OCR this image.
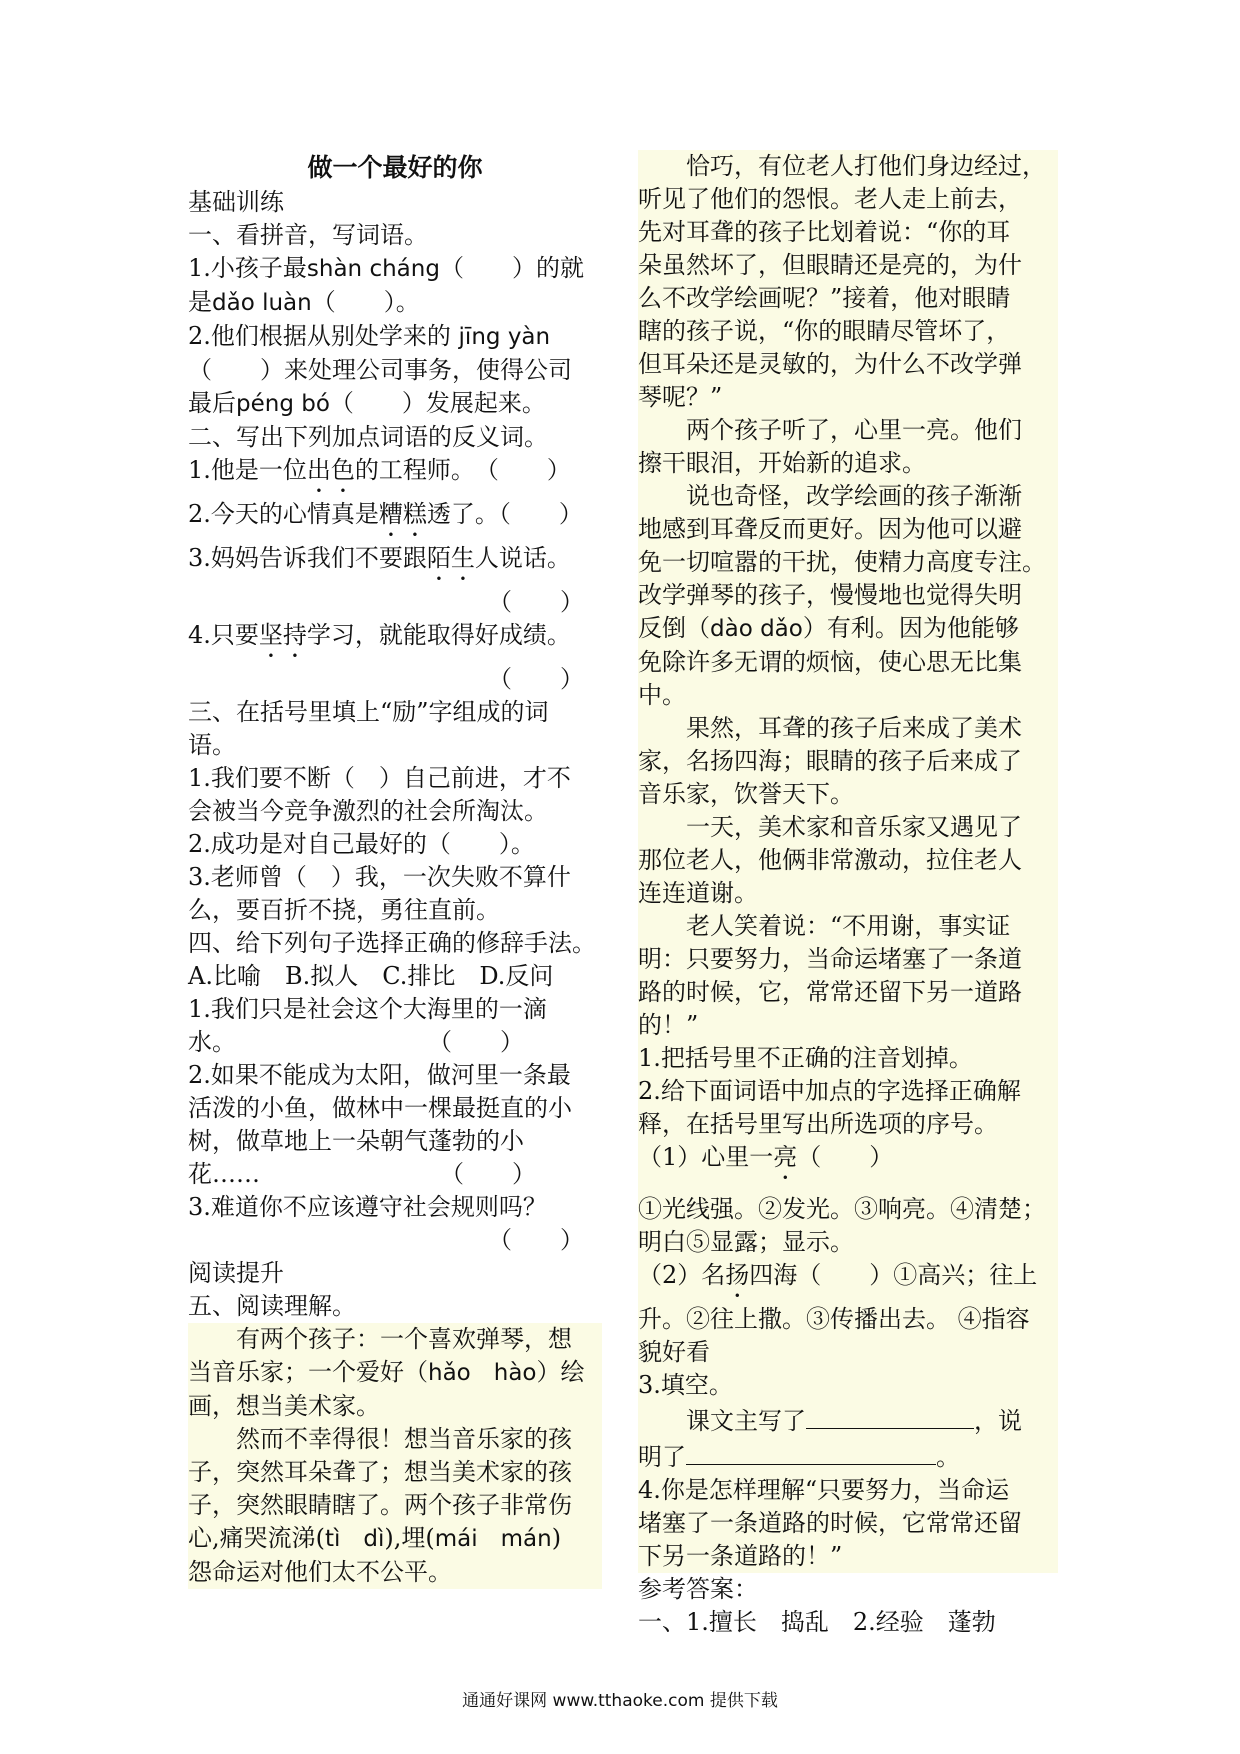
做一个最好的你
基础训练
一、看拼音，写词语。
1.小孩子最shàn cháng（　　）的就
是dǎo luàn（　　）。
2.他们根据从别处学来的 jīng yàn
（　　）来处理公司事务，使得公司
最后péng bó（　　）发展起来。
二、写出下列加点词语的反义词。
1.他是一位出色的工程师。　（　　）
2.今天的心情真是糟糕透了。（　　）
3.妈妈告诉我们不要跟陌生人说话。
（　　）
4.只要坚持学习，就能取得好成绩。
（　　）
三、在括号里填上“励”字组成的词
语。
1.我们要不断（　）自己前进，才不
会被当今竞争激烈的社会所淘汰。
2.成功是对自己最好的（　　）。
3.老师曾（　）我，一次失败不算什
么，要百折不挠，勇往直前。
四、给下列句子选择正确的修辞手法。
A.比喻　B.拟人　C.排比　D.反问
1.我们只是社会这个大海里的一滴
水。　　　　　　　　　（　　）
2.如果不能成为太阳，做河里一条最
活泼的小鱼，做林中一棵最挺直的小
树，做草地上一朵朝气蓬勃的小
花……　　　　　　　　（　　）
3.难道你不应该遵守社会规则吗？
（　　）
阅读提升
五、阅读理解。
有两个孩子：一个喜欢弹琴，想
当音乐家；一个爱好（hǎo　hào）绘
画，想当美术家。
然而不幸得很！想当音乐家的孩
子，突然耳朵聋了；想当美术家的孩
子，突然眼睛瞎了。两个孩子非常伤
心,痛哭流涕(tì　dì),埋(mái　mán)
怨命运对他们太不公平。
恰巧，有位老人打他们身边经过，
听见了他们的怨恨。老人走上前去，
先对耳聋的孩子比划着说：“你的耳
朵虽然坏了，但眼睛还是亮的，为什
么不改学绘画呢？”接着，他对眼睛
瞎的孩子说，“你的眼睛尽管坏了，
但耳朵还是灵敏的，为什么不改学弹
琴呢？”
两个孩子听了，心里一亮。他们
擦干眼泪，开始新的追求。
说也奇怪，改学绘画的孩子渐渐
地感到耳聋反而更好。因为他可以避
免一切喧嚣的干扰，使精力高度专注。
改学弹琴的孩子，慢慢地也觉得失明
反倒（dào dǎo）有利。因为他能够
免除许多无谓的烦恼，使心思无比集
中。
果然，耳聋的孩子后来成了美术
家，名扬四海；眼睛的孩子后来成了
音乐家，饮誉天下。
一天，美术家和音乐家又遇见了
那位老人，他俩非常激动，拉住老人
连连道谢。
老人笑着说：“不用谢，事实证
明：只要努力，当命运堵塞了一条道
路的时候，它，常常还留下另一道路
的！”
1.把括号里不正确的注音划掉。
2.给下面词语中加点的字选择正确解
释，在括号里写出所选项的序号。
（1）心里一亮（　　）
①光线强。②发光。③响亮。④清楚；
明白⑤显露；显示。
（2）名扬四海（　　）①高兴；往上
升。②往上撒。③传播出去。 ④指容
貌好看
3.填空。
课文主写了	，说
明了	。
4.你是怎样理解“只要努力，当命运
堵塞了一条道路的时候，它常常还留
下另一条道路的！”
参考答案：
一、1.擅长　捣乱　2.经验　蓬勃
通通好课网 www.tthaoke.com 提供下载
